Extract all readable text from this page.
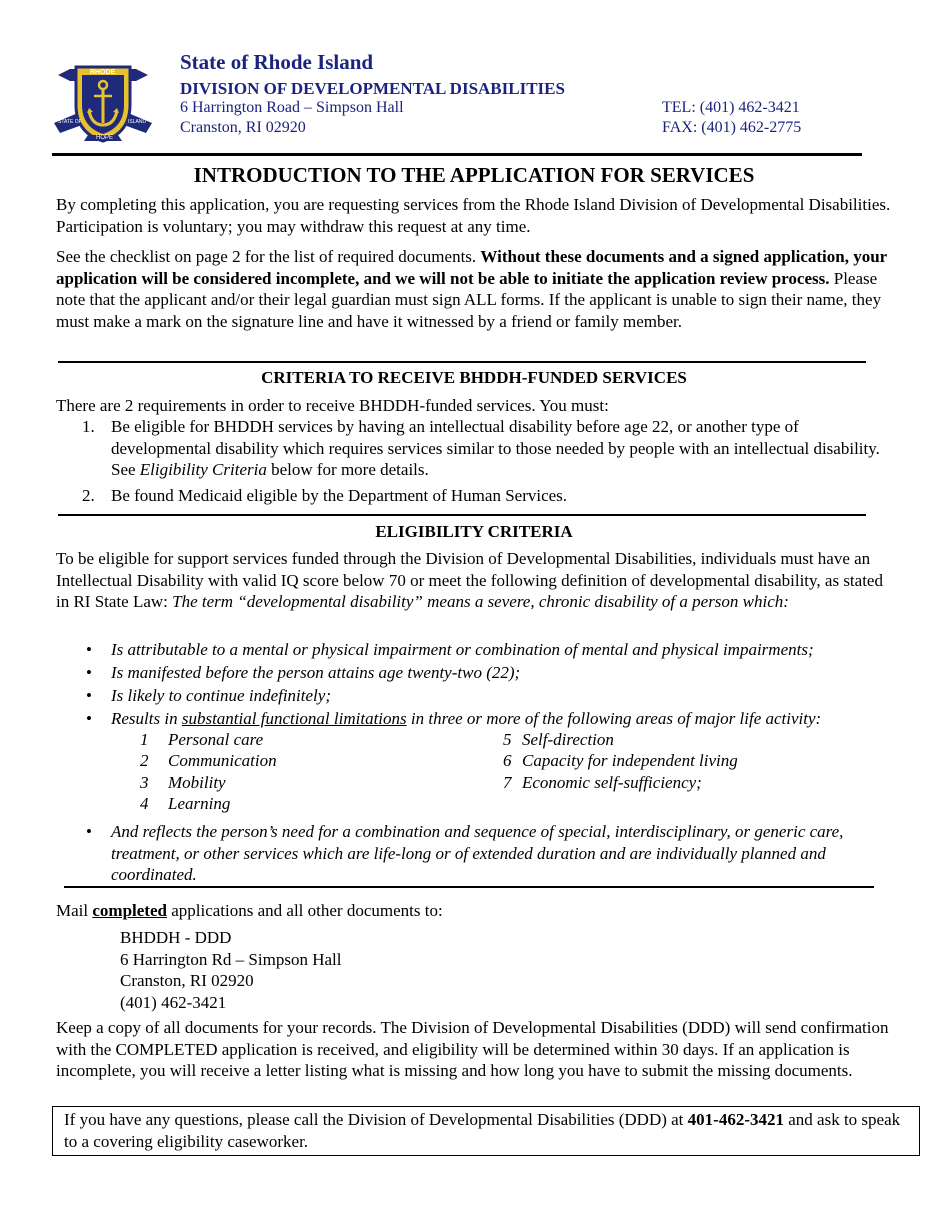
RHODE
STATE OF	ISLAND
HOPE
State of Rhode Island
DIVISION OF DEVELOPMENTAL DISABILITIES
6 Harrington Road – Simpson Hall
Cranston, RI 02920
TEL: (401) 462-3421
FAX: (401) 462-2775
INTRODUCTION TO THE APPLICATION FOR SERVICES

By completing this application, you are requesting services from the Rhode Island Division of Developmental Disabilities. Participation is voluntary; you may withdraw this request at any time.

See the checklist on page 2 for the list of required documents. Without these documents and a signed application, your application will be considered incomplete, and we will not be able to initiate the application review process. Please note that the applicant and/or their legal guardian must sign ALL forms. If the applicant is unable to sign their name, they must make a mark on the signature line and have it witnessed by a friend or family member.

CRITERIA TO RECEIVE BHDDH-FUNDED SERVICES

There are 2 requirements in order to receive BHDDH-funded services. You must:

1. Be eligible for BHDDH services by having an intellectual disability before age 22, or another type of developmental disability which requires services similar to those needed by people with an intellectual disability. See Eligibility Criteria below for more details.
2. Be found Medicaid eligible by the Department of Human Services.
ELIGIBILITY CRITERIA

To be eligible for support services funded through the Division of Developmental Disabilities, individuals must have an Intellectual Disability with valid IQ score below 70 or meet the following definition of developmental disability, as stated in RI State Law: The term “developmental disability” means a severe, chronic disability of a person which:

• Is attributable to a mental or physical impairment or combination of mental and physical impairments;
• Is manifested before the person attains age twenty-two (22);
• Is likely to continue indefinitely;
• Results in substantial functional limitations in three or more of the following areas of major life activity:
1 Personal care
2 Communication
3 Mobility
4 Learning
5 Self-direction
6 Capacity for independent living
7 Economic self-sufficiency;
• And reflects the person’s need for a combination and sequence of special, interdisciplinary, or generic care, treatment, or other services which are life-long or of extended duration and are individually planned and coordinated.

Mail completed applications and all other documents to:

BHDDH - DDD
6 Harrington Rd – Simpson Hall
Cranston, RI 02920
(401) 462-3421

Keep a copy of all documents for your records. The Division of Developmental Disabilities (DDD) will send confirmation with the COMPLETED application is received, and eligibility will be determined within 30 days. If an application is incomplete, you will receive a letter listing what is missing and how long you have to submit the missing documents.

If you have any questions, please call the Division of Developmental Disabilities (DDD) at 401-462-3421 and ask to speak to a covering eligibility caseworker.
